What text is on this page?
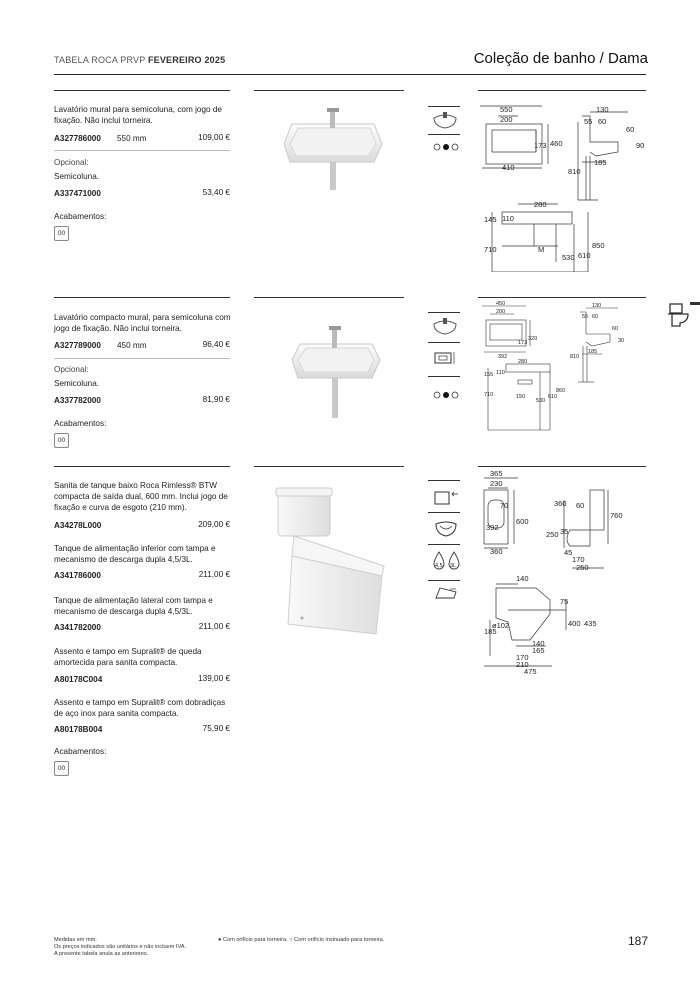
TABELA ROCA PRVP FEVEREIRO 2025	Coleção de banho / Dama
Lavatório mural para semicoluna, com jogo de fixação. Não inclui torneira.
A327786000 550 mm	109,00 €
Opcional:
Semicoluna.
A337471000	53,40 €
Acabamentos:
00
550
200
173 460
410
130
55 60
60
90
185
810
280
145 110
710	850
530 610
M
Lavatório compacto mural, para semicoluna com jogo de fixação. Não inclui torneira.
A327789000 450 mm	96,40 €
Opcional:
Semicoluna.
A337782000	81,90 €
Acabamentos:
00
450
200
173
320
392
130
55 60
60
30
185
810
280
155 110
710	150
530
610
860
Sanita de tanque baixo Roca Rimless® BTW compacta de saída dual, 600 mm. Inclui jogo de fixação e curva de esgoto (210 mm).
A34278L000	209,00 €
Tanque de alimentação inferior com tampa e mecanismo de descarga dupla 4,5/3L.
A341786000	211,00 €
Tanque de alimentação lateral com tampa e mecanismo de descarga dupla 4,5/3L.
A341782000	211,00 €
Assento e tampo em Supralit® de queda amortecida para sanita compacta.
A80178C004	139,00 €
Assento e tampo em Supralit® com dobradiças de aço inox para sanita compacta.
A80178B004	75,90 €
Acabamentos:
00
4,5 3L
365
230
70
392
600
360
360 60
760
250 35
45
170
250
140
75
400 435
ø102
185
140
165
170
210
475
Medidas em mm.
Os preços indicados são unitários e não incluem IVA.
A presente tabela anula as anteriores.
● Com orifício para torneira. ○ Com orifício insinuado para torneira.	187
